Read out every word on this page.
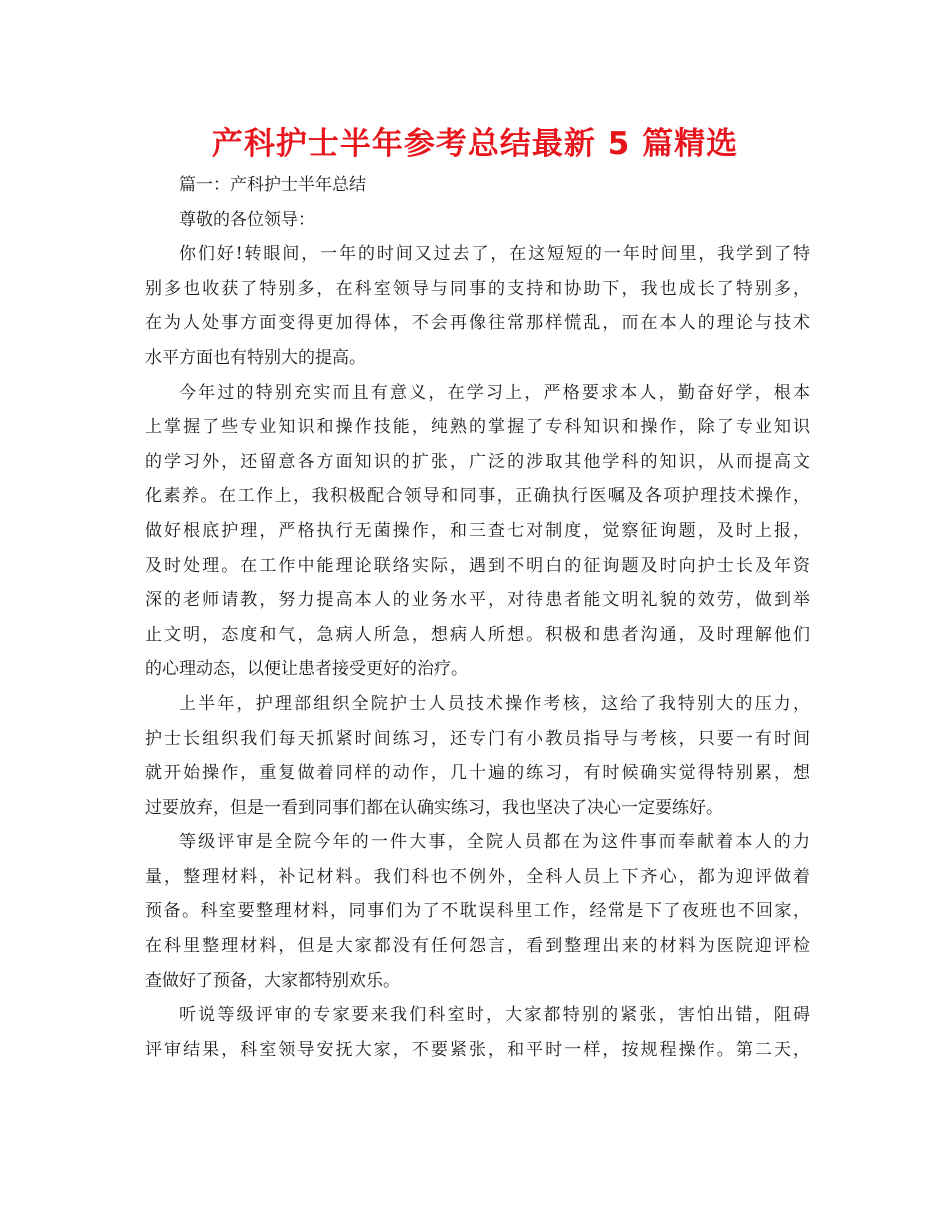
产科护士半年参考总结最新 5 篇精选
篇一：产科护士半年总结
尊敬的各位领导：
你们好!转眼间，一年的时间又过去了，在这短短的一年时间里，我学到了特
别多也收获了特别多，在科室领导与同事的支持和协助下，我也成长了特别多，
在为人处事方面变得更加得体，不会再像往常那样慌乱，而在本人的理论与技术
水平方面也有特别大的提高。
今年过的特别充实而且有意义，在学习上，严格要求本人，勤奋好学，根本
上掌握了些专业知识和操作技能，纯熟的掌握了专科知识和操作，除了专业知识
的学习外，还留意各方面知识的扩张，广泛的涉取其他学科的知识，从而提高文
化素养。在工作上，我积极配合领导和同事，正确执行医嘱及各项护理技术操作，
做好根底护理，严格执行无菌操作，和三查七对制度，觉察征询题，及时上报，
及时处理。在工作中能理论联络实际，遇到不明白的征询题及时向护士长及年资
深的老师请教，努力提高本人的业务水平，对待患者能文明礼貌的效劳，做到举
止文明，态度和气，急病人所急，想病人所想。积极和患者沟通，及时理解他们
的心理动态，以便让患者接受更好的治疗。
上半年，护理部组织全院护士人员技术操作考核，这给了我特别大的压力，
护士长组织我们每天抓紧时间练习，还专门有小教员指导与考核，只要一有时间
就开始操作，重复做着同样的动作，几十遍的练习，有时候确实觉得特别累，想
过要放弃，但是一看到同事们都在认确实练习，我也坚决了决心一定要练好。
等级评审是全院今年的一件大事，全院人员都在为这件事而奉献着本人的力
量，整理材料，补记材料。我们科也不例外，全科人员上下齐心，都为迎评做着
预备。科室要整理材料，同事们为了不耽误科里工作，经常是下了夜班也不回家，
在科里整理材料，但是大家都没有任何怨言，看到整理出来的材料为医院迎评检
查做好了预备，大家都特别欢乐。
听说等级评审的专家要来我们科室时，大家都特别的紧张，害怕出错，阻碍
评审结果，科室领导安抚大家，不要紧张，和平时一样，按规程操作。第二天，
